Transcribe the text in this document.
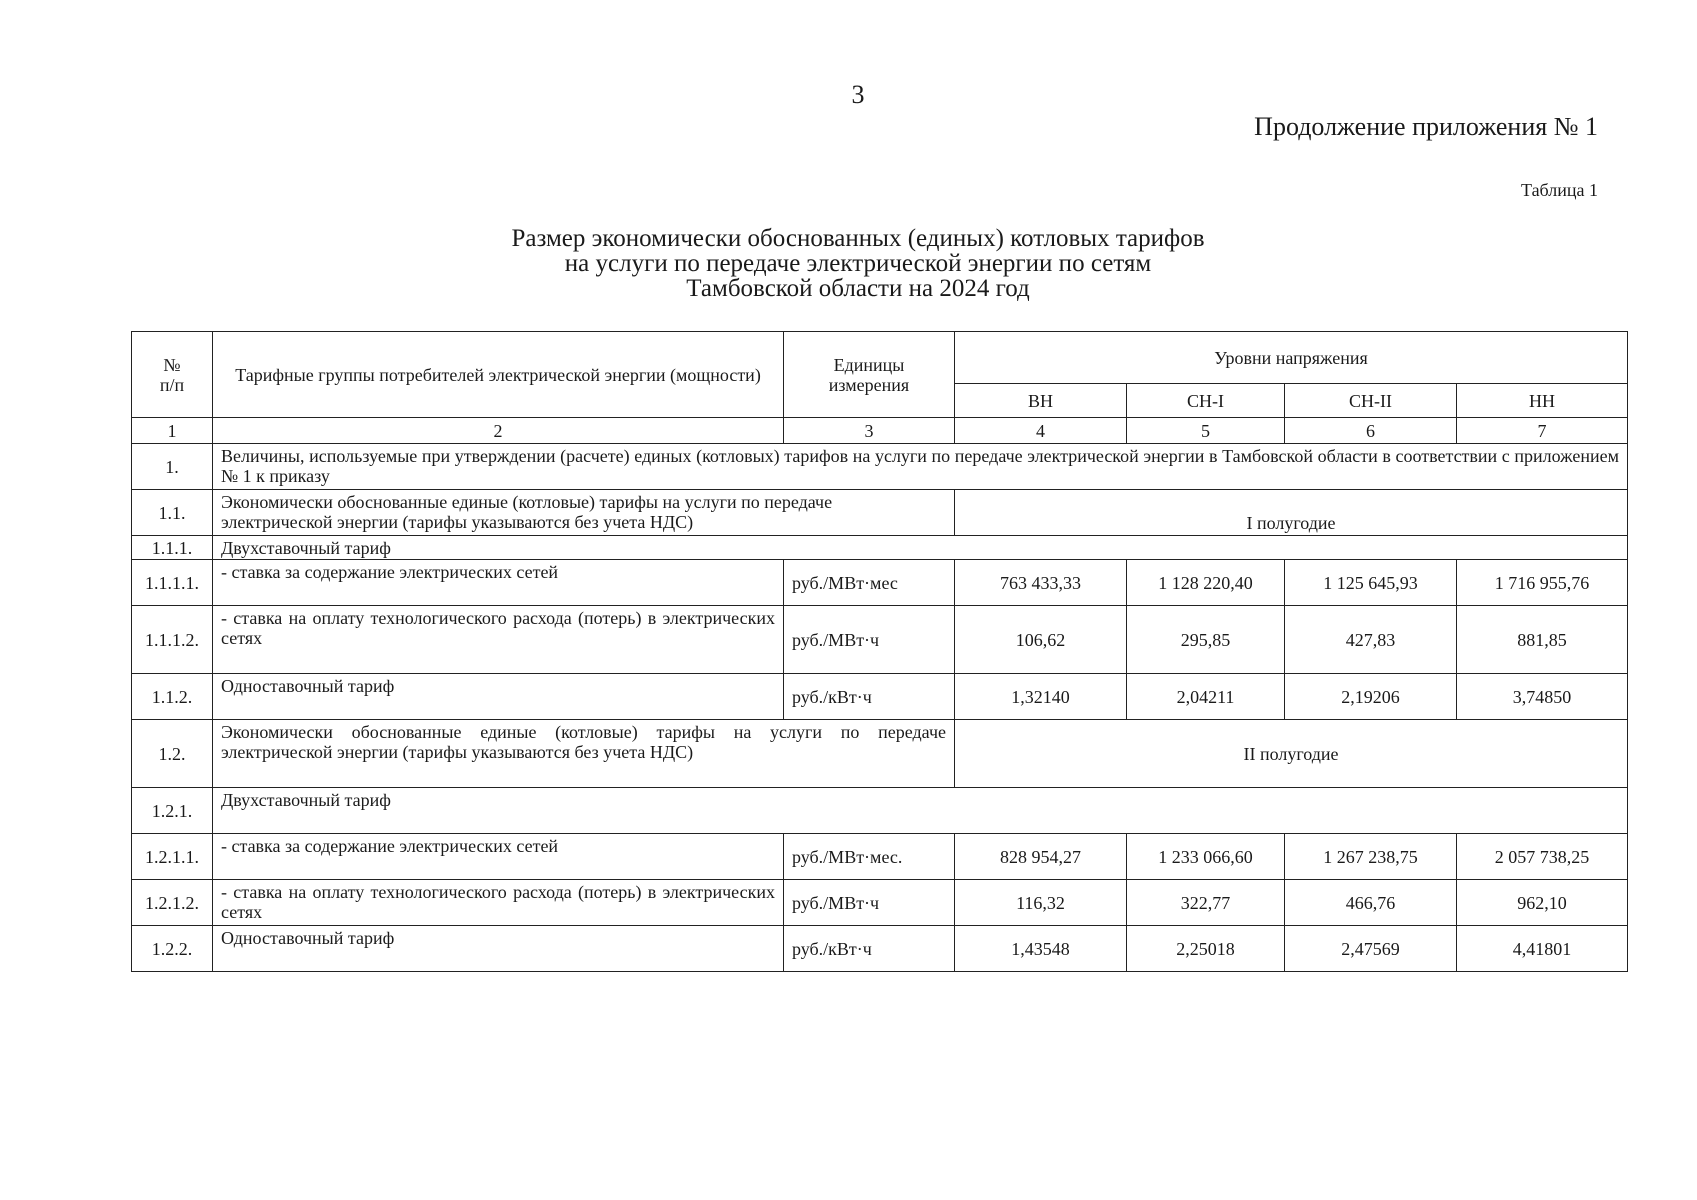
3
Продолжение приложения № 1
Таблица 1
Размер экономически обоснованных (единых) котловых тарифов
на услуги по передаче электрической энергии по сетям
Тамбовской области на 2024 год
№
п/п	Тарифные группы потребителей электрической энергии (мощности)	Единицы измерения	Уровни напряжения			
			ВН	СН-I	СН-II	НН
1	2	3	4	5	6	7
1.	Величины, используемые при утверждении (расчете) единых (котловых) тарифов на услуги по передаче электрической энергии в Тамбовской области в соответствии с приложением № 1 к приказу					
1.1.	Экономически обоснованные единые (котловые) тарифы на услуги по передаче электрической энергии (тарифы указываются без учета НДС)		I полугодие			
1.1.1.	Двухставочный тариф					
1.1.1.1.	- ставка за содержание электрических сетей	руб./МВт·мес	763 433,33	1 128 220,40	1 125 645,93	1 716 955,76
1.1.1.2.	- ставка на оплату технологического расхода (потерь) в электрических сетях	руб./МВт·ч	106,62	295,85	427,83	881,85
1.1.2.	Одноставочный тариф	руб./кВт·ч	1,32140	2,04211	2,19206	3,74850
1.2.	Экономически обоснованные единые (котловые) тарифы на услуги по передаче электрической энергии (тарифы указываются без учета НДС)		II полугодие			
1.2.1.	Двухставочный тариф					
1.2.1.1.	- ставка за содержание электрических сетей	руб./МВт·мес.	828 954,27	1 233 066,60	1 267 238,75	2 057 738,25
1.2.1.2.	- ставка на оплату технологического расхода (потерь) в электрических сетях	руб./МВт·ч	116,32	322,77	466,76	962,10
1.2.2.	Одноставочный тариф	руб./кВт·ч	1,43548	2,25018	2,47569	4,41801
